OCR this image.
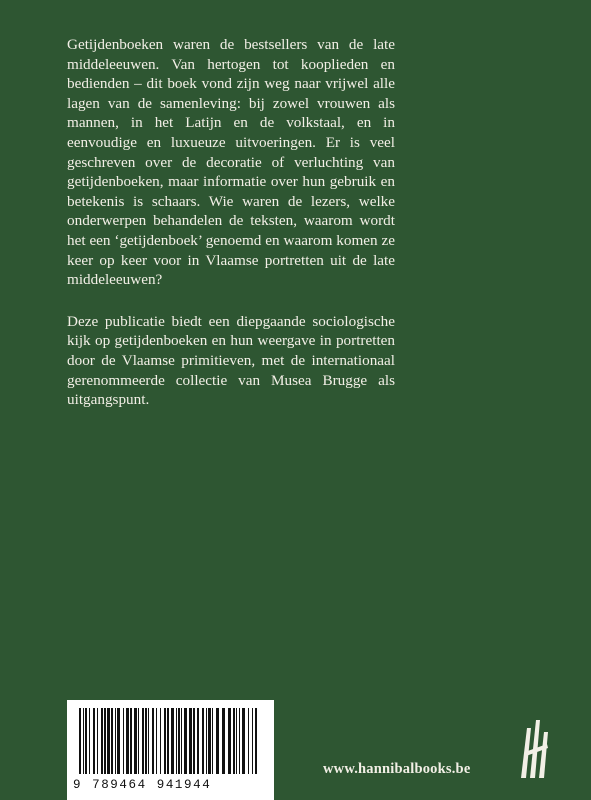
Getijdenboeken waren de bestsellers van de late middeleeuwen. Van hertogen tot kooplieden en bedienden – dit boek vond zijn weg naar vrijwel alle lagen van de samenleving: bij zowel vrouwen als mannen, in het Latijn en de volkstaal, en in eenvoudige en luxueuze uitvoeringen. Er is veel geschreven over de decoratie of verluchting van getijdenboeken, maar informatie over hun gebruik en betekenis is schaars. Wie waren de lezers, welke onderwerpen behandelen de teksten, waarom wordt het een ‘getijdenboek’ genoemd en waarom komen ze keer op keer voor in Vlaamse portretten uit de late middeleeuwen?

Deze publicatie biedt een diepgaande sociologische kijk op getijdenboeken en hun weergave in portretten door de Vlaamse primitieven, met de internationaal gerenommeerde collectie van Musea Brugge als uitgangspunt.

9 789464 941944
www.hannibalbooks.be
